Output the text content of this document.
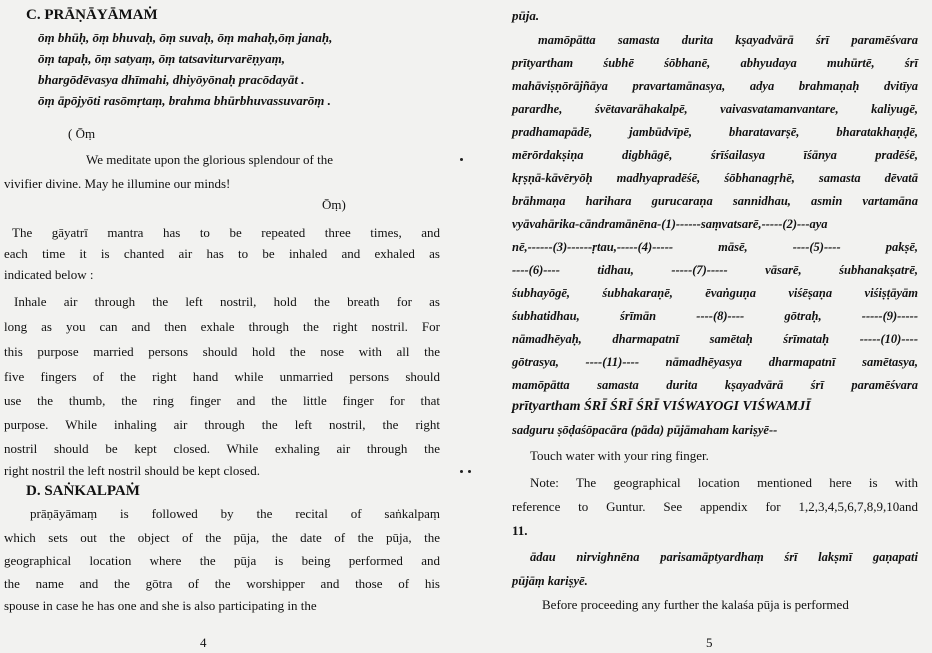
C. PRĀṆĀYĀMAṀ
ōṃ bhūḥ, ōṃ bhuvaḥ, ōṃ suvaḥ, ōṃ mahaḥ,ōṃ janaḥ,
ōṃ tapaḥ, ōṃ satyaṃ, ōṃ tatsaviturvarēṇyaṃ,
bhargōdēvasya dhīmahi, dhiyōyōnaḥ pracōdayāt .
ōṃ āpōjyōti rasōmṛtaṃ, brahma bhūrbhuvassuvarōṃ .
( Ōṃ
We meditate upon the glorious splendour of the
vivifier divine. May he illumine our minds!
Ōṃ)
The gāyatrī mantra has to be repeated three times, and
each time it is chanted air has to be inhaled and exhaled as
indicated below :
Inhale air through the left nostril, hold the breath for as
long as you can and then exhale through the right nostril. For
this purpose married persons should hold the nose with all the
five fingers of the right hand while unmarried persons should
use the thumb, the ring finger and the little finger for that
purpose. While inhaling air through the left nostril, the right
nostril should be kept closed. While exhaling air through the
right nostril the left nostril should be kept closed.
D. SAṄKALPAṀ
prāṇāyāmaṃ is followed by the recital of saṅkalpaṃ
which sets out the object of the pūja, the date of the pūja, the
geographical location where the pūja is being performed and
the name and the gōtra of the worshipper and those of his
spouse in case he has one and she is also participating in the
4
pūja.
mamōpātta samasta durita kṣayadvārā śrī paramēśvara
prītyartham śubhē śōbhanē, abhyudaya muhūrtē, śrī
mahāviṣṇōrājñāya pravartamānasya, adya brahmaṇaḥ dvitīya
parardhe, śvētavarāhakalpē, vaivasvatamanvantare, kaliyugē,
pradhamapādē, jambūdvīpē, bharatavarṣē, bharatakhaṇḍē,
mērōrdakṣiṇa digbhāgē, śrīśailasya īśānya pradēśē,
kṛṣṇā-kāvēryōḥ madhyapradēśē, śōbhanagṛhē, samasta dēvatā
brāhmaṇa harihara gurucaraṇa sannidhau, asmin vartamāna
vyāvahārika-cāndramānēna-(1)------saṃvatsarē,-----(2)---aya
nē,------(3)------ṛtau,-----(4)----- māsē, ----(5)---- pakṣē,
----(6)---- tidhau, -----(7)----- vāsarē, śubhanakṣatrē,
śubhayōgē, śubhakaraṇē, ēvaṅguṇa viśēṣaṇa viśiṣṭāyām
śubhatidhau, śrīmān ----(8)---- gōtraḥ, -----(9)-----
nāmadhēyaḥ, dharmapatnī samētaḥ śrīmataḥ -----(10)----
gōtrasya, ----(11)---- nāmadhēyasya dharmapatnī samētasya,
mamōpātta samasta durita kṣayadvārā śrī paramēśvara
prītyartham ŚRĪ ŚRĪ ŚRĪ VIŚWAYOGI VIŚWAMJĪ
sadguru ṣōḍaśōpacāra (pāda) pūjāmaham kariṣyē--
Touch water with your ring finger.
Note: The geographical location mentioned here is with
reference to Guntur. See appendix for 1,2,3,4,5,6,7,8,9,10and
11.
ādau nirvighnēna parisamāptyardhaṃ śrī lakṣmī gaṇapati
pūjāṃ kariṣyē.
Before proceeding any further the kalaśa pūja is performed
5
